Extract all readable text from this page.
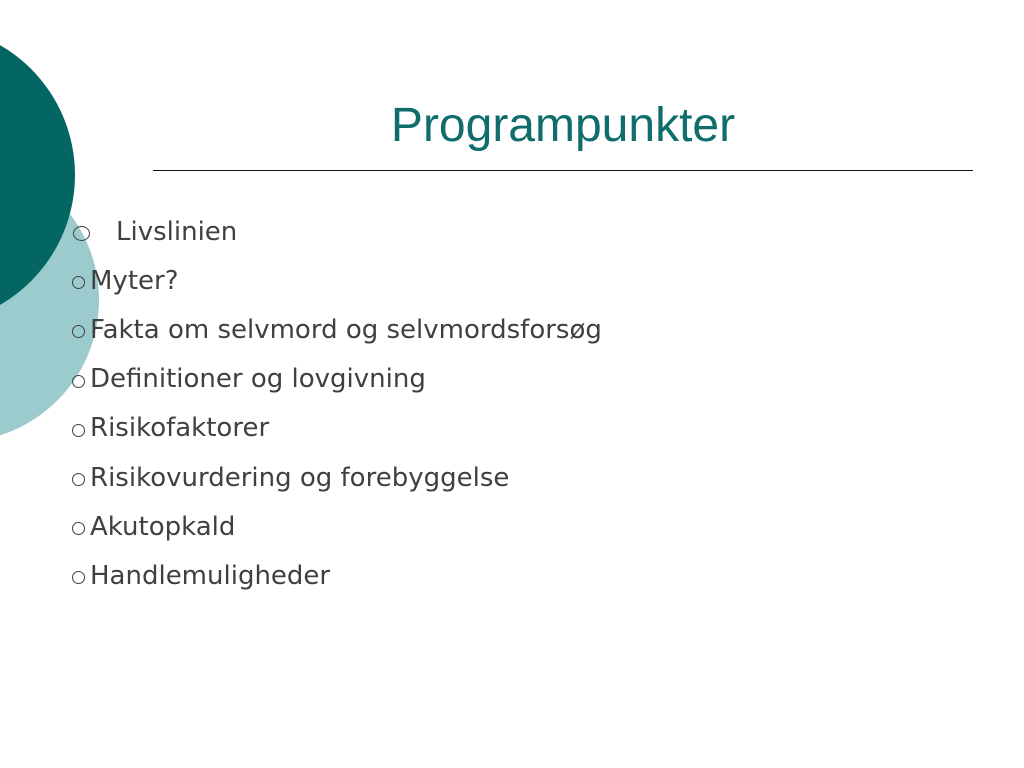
Programpunkter
Livslinien
Myter?
Fakta om selvmord og selvmordsforsøg
Definitioner og lovgivning
Risikofaktorer
Risikovurdering og forebyggelse
Akutopkald
Handlemuligheder
